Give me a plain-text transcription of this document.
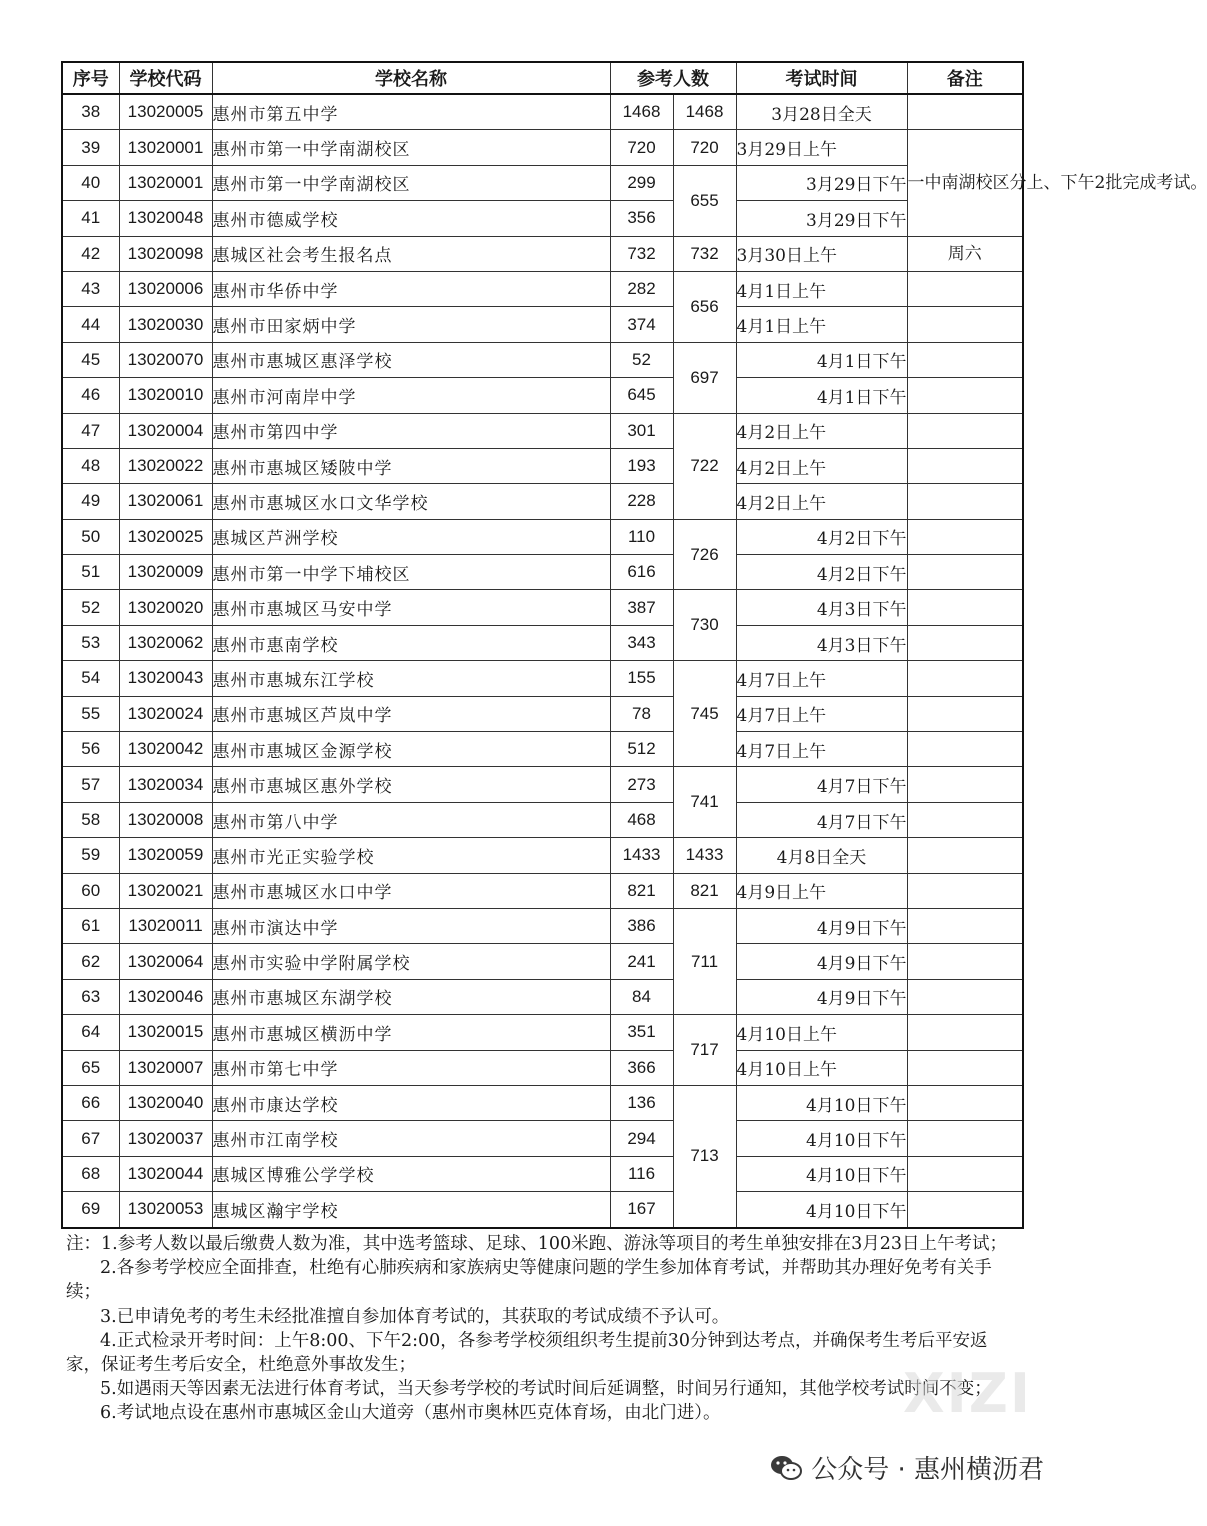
序号	学校代码	学校名称	参考人数		考试时间	备注
38	13020005	惠州市第五中学	1468	1468	3月28日全天	
39	13020001	惠州市第一中学南湖校区	720	720	3月29日上午	一中南湖校区分上、下午2批完成考试。
40	13020001	惠州市第一中学南湖校区	299	655	3月29日下午	
41	13020048	惠州市德威学校	356		3月29日下午	
42	13020098	惠城区社会考生报名点	732	732	3月30日上午	周六
43	13020006	惠州市华侨中学	282	656	4月1日上午	
44	13020030	惠州市田家炳中学	374		4月1日上午	
45	13020070	惠州市惠城区惠泽学校	52	697	4月1日下午	
46	13020010	惠州市河南岸中学	645		4月1日下午	
47	13020004	惠州市第四中学	301	722	4月2日上午	
48	13020022	惠州市惠城区矮陂中学	193		4月2日上午	
49	13020061	惠州市惠城区水口文华学校	228		4月2日上午	
50	13020025	惠城区芦洲学校	110	726	4月2日下午	
51	13020009	惠州市第一中学下埔校区	616		4月2日下午	
52	13020020	惠州市惠城区马安中学	387	730	4月3日下午	
53	13020062	惠州市惠南学校	343		4月3日下午	
54	13020043	惠州市惠城东江学校	155	745	4月7日上午	
55	13020024	惠州市惠城区芦岚中学	78		4月7日上午	
56	13020042	惠州市惠城区金源学校	512		4月7日上午	
57	13020034	惠州市惠城区惠外学校	273	741	4月7日下午	
58	13020008	惠州市第八中学	468		4月7日下午	
59	13020059	惠州市光正实验学校	1433	1433	4月8日全天	
60	13020021	惠州市惠城区水口中学	821	821	4月9日上午	
61	13020011	惠州市演达中学	386	711	4月9日下午	
62	13020064	惠州市实验中学附属学校	241		4月9日下午	
63	13020046	惠州市惠城区东湖学校	84		4月9日下午	
64	13020015	惠州市惠城区横沥中学	351	717	4月10日上午	
65	13020007	惠州市第七中学	366		4月10日上午	
66	13020040	惠州市康达学校	136	713	4月10日下午	
67	13020037	惠州市江南学校	294		4月10日下午	
68	13020044	惠城区博雅公学学校	116		4月10日下午	
69	13020053	惠城区瀚宇学校	167		4月10日下午	

注：1.参考人数以最后缴费人数为准，其中选考篮球、足球、100米跑、游泳等项目的考生单独安排在3月23日上午考试；

2.各参考学校应全面排查，杜绝有心肺疾病和家族病史等健康问题的学生参加体育考试，并帮助其办理好免考有关手续；

3.已申请免考的考生未经批准擅自参加体育考试的，其获取的考试成绩不予认可。

4.正式检录开考时间：上午8:00、下午2:00，各参考学校须组织考生提前30分钟到达考点，并确保考生考后平安返家，保证考生考后安全，杜绝意外事故发生；

5.如遇雨天等因素无法进行体育考试，当天参考学校的考试时间后延调整，时间另行通知，其他学校考试时间不变；

6.考试地点设在惠州市惠城区金山大道旁（惠州市奥林匹克体育场，由北门进）。	XIZI
公众号 · 惠州横沥君
